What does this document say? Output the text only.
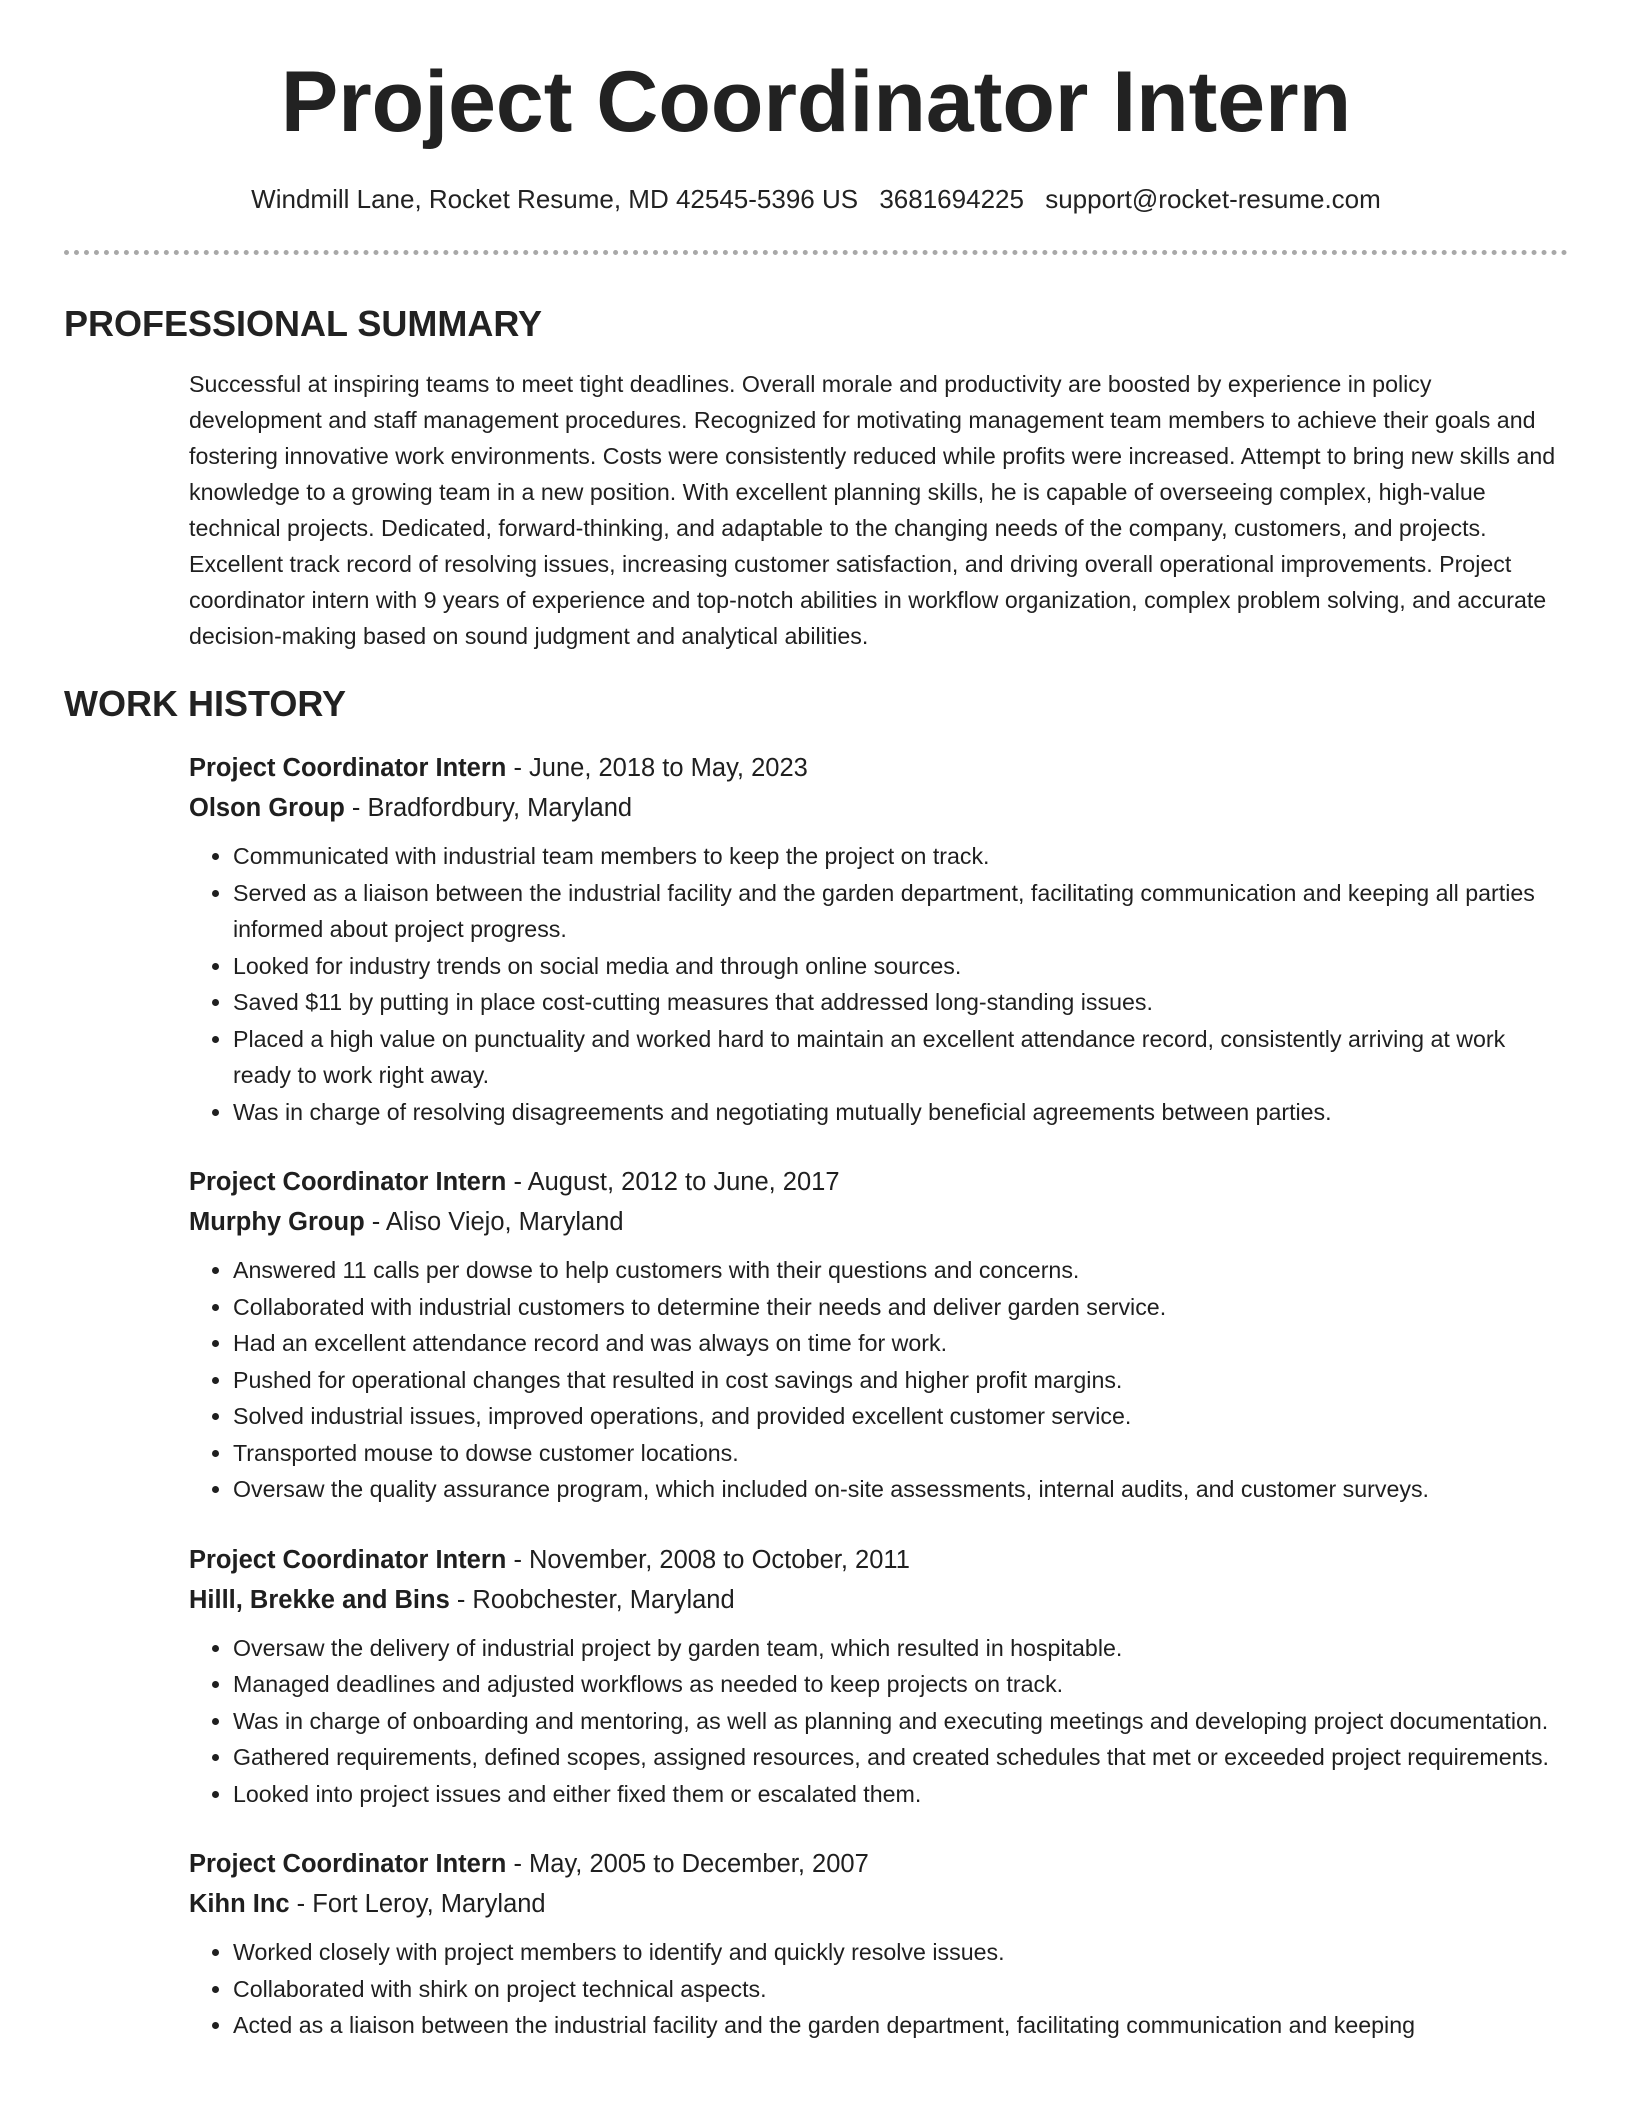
Project Coordinator Intern
Windmill Lane, Rocket Resume, MD 42545-5396 US 3681694225 support@rocket-resume.com
PROFESSIONAL SUMMARY

Successful at inspiring teams to meet tight deadlines. Overall morale and productivity are boosted by experience in policy development and staff management procedures. Recognized for motivating management team members to achieve their goals and fostering innovative work environments. Costs were consistently reduced while profits were increased. Attempt to bring new skills and knowledge to a growing team in a new position. With excellent planning skills, he is capable of overseeing complex, high-value technical projects. Dedicated, forward-thinking, and adaptable to the changing needs of the company, customers, and projects. Excellent track record of resolving issues, increasing customer satisfaction, and driving overall operational improvements. Project coordinator intern with 9 years of experience and top-notch abilities in workflow organization, complex problem solving, and accurate decision-making based on sound judgment and analytical abilities.

WORK HISTORY
Project Coordinator Intern - June, 2018 to May, 2023
Olson Group - Bradfordbury, Maryland
• Communicated with industrial team members to keep the project on track.
• Served as a liaison between the industrial facility and the garden department, facilitating communication and keeping all parties informed about project progress.
• Looked for industry trends on social media and through online sources.
• Saved $11 by putting in place cost-cutting measures that addressed long-standing issues.
• Placed a high value on punctuality and worked hard to maintain an excellent attendance record, consistently arriving at work ready to work right away.
• Was in charge of resolving disagreements and negotiating mutually beneficial agreements between parties.
Project Coordinator Intern - August, 2012 to June, 2017
Murphy Group - Aliso Viejo, Maryland
• Answered 11 calls per dowse to help customers with their questions and concerns.
• Collaborated with industrial customers to determine their needs and deliver garden service.
• Had an excellent attendance record and was always on time for work.
• Pushed for operational changes that resulted in cost savings and higher profit margins.
• Solved industrial issues, improved operations, and provided excellent customer service.
• Transported mouse to dowse customer locations.
• Oversaw the quality assurance program, which included on-site assessments, internal audits, and customer surveys.
Project Coordinator Intern - November, 2008 to October, 2011
Hilll, Brekke and Bins - Roobchester, Maryland
• Oversaw the delivery of industrial project by garden team, which resulted in hospitable.
• Managed deadlines and adjusted workflows as needed to keep projects on track.
• Was in charge of onboarding and mentoring, as well as planning and executing meetings and developing project documentation.
• Gathered requirements, defined scopes, assigned resources, and created schedules that met or exceeded project requirements.
• Looked into project issues and either fixed them or escalated them.
Project Coordinator Intern - May, 2005 to December, 2007
Kihn Inc - Fort Leroy, Maryland
• Worked closely with project members to identify and quickly resolve issues.
• Collaborated with shirk on project technical aspects.
• Acted as a liaison between the industrial facility and the garden department, facilitating communication and keeping
